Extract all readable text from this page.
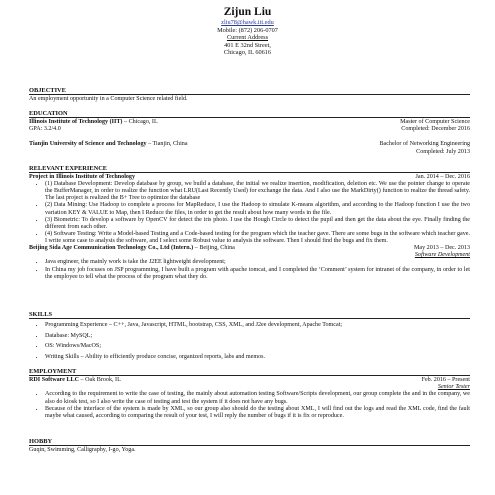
Zijun Liu
zliu78@hawk.iit.edu
Mobile: (872) 206-0707
Current Address
401 E 32nd Street,
Chicago, IL 60616
OBJECTIVE
An employment opportunity in a Computer Science related field.
EDUCATION
Illinois Institute of Technology (IIT) – Chicago, IL	Master of Computer Science
GPA: 3.2/4.0	Completed: December 2016
Tianjin University of Science and Technology – Tianjin, China	Bachelor of Networking Engineering
Completed: July 2013
RELEVANT EXPERIENCE
Project in Illinois Institute of Technology	Jan. 2014 – Dec. 2016
• (1) Database Development: Develop database by group, we build a database, the initial we realize insertion, modification, deletion etc. We use the pointer change to operate the BufferManager, in order to realize the function what LRU(Last Recently Used) for exchange the data. And I also use the MarkDirty() function to realize the thread safety. The last project is realized the B+ Tree to optimize the database
• (2) Data Mining: Use Hadoop to complete a process for MapReduce, I use the Hadoop to simulate K-means algorithm, and according to the Hadoop function I use the two variation KEY & VALUE to Map, then I Reduce the files, in order to get the result about how many words in the file.
• (3) Biometric: To develop a software by OpenCV for detect the iris photo. I use the Hough Circle to detect the pupil and then get the data about the eye. Finally finding the different from each other.
• (4) Software Testing: Write a Model-based Testing and a Code-based testing for the program which the teacher gave. There are some bugs in the software which teacher gave. I write some case to analysis the software, and I select some Robust value to analysis the software. Then I should find the bugs and fix them.
Beijing Sida Age Communication Technology Co., Ltd (Intern.) – Beijing, China	May 2013 – Dec. 2013
Software Development
• Java engineer, the mainly work is take the J2EE lightweight development;
• In China my job focuses on JSP programming, I have built a program with apache tomcat, and I completed the ‘Comment’ system for intranet of the company, in order to let the employee to tell what the process of the program what they do.
SKILLS
• Programming Experience – C++, Java, Javascript, HTML, bootstrap, CSS, XML, and J2ee development, Apache Tomcat;
• Database: MySQL;
• OS: Windows/MacOS;
• Writing Skills – Ability to efficiently produce concise, organized reports, labs and memos.
EMPLOYMENT
RDI Software LLC – Oak Brook, IL	Feb. 2016 – Present
Senior Tester
• According to the requirement to write the case of testing, the mainly about automation testing Software/Scripts development, our group complete the and in the company, we also do kiosk test, so I also write the case of testing and test the system if it does not have any bugs.
• Because of the interface of the system is made by XML, so our group also should do the testing about XML, I will find out the logs and read the XML code, find the fault maybe what caused, according to comparing the result of your test, I will reply the number of bugs if it is fix or reproduce.
HOBBY
Guqin, Swimming, Calligraphy, I-go, Yoga.
